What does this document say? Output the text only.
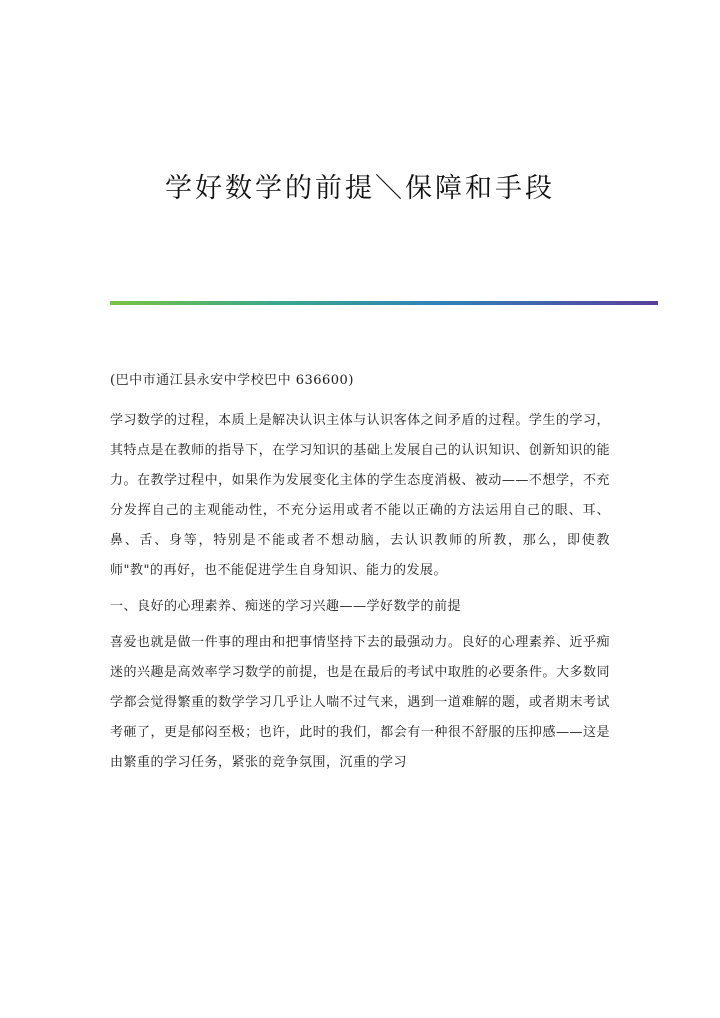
学好数学的前提＼保障和手段

(巴中市通江县永安中学校巴中 636600)

学习数学的过程，本质上是解决认识主体与认识客体之间矛盾的过程。学生的学习，其特点是在教师的指导下，在学习知识的基础上发展自己的认识知识、创新知识的能力。在教学过程中，如果作为发展变化主体的学生态度消极、被动——不想学，不充分发挥自己的主观能动性，不充分运用或者不能以正确的方法运用自己的眼、耳、鼻、舌、身等，特别是不能或者不想动脑，去认识教师的所教，那么，即使教师"教"的再好，也不能促进学生自身知识、能力的发展。

一、良好的心理素养、痴迷的学习兴趣——学好数学的前提

喜爱也就是做一件事的理由和把事情坚持下去的最强动力。良好的心理素养、近乎痴迷的兴趣是高效率学习数学的前提，也是在最后的考试中取胜的必要条件。大多数同学都会觉得繁重的数学学习几乎让人喘不过气来，遇到一道难解的题，或者期末考试考砸了，更是郁闷至极；也许，此时的我们，都会有一种很不舒服的压抑感——这是由繁重的学习任务，紧张的竞争氛围，沉重的学习
